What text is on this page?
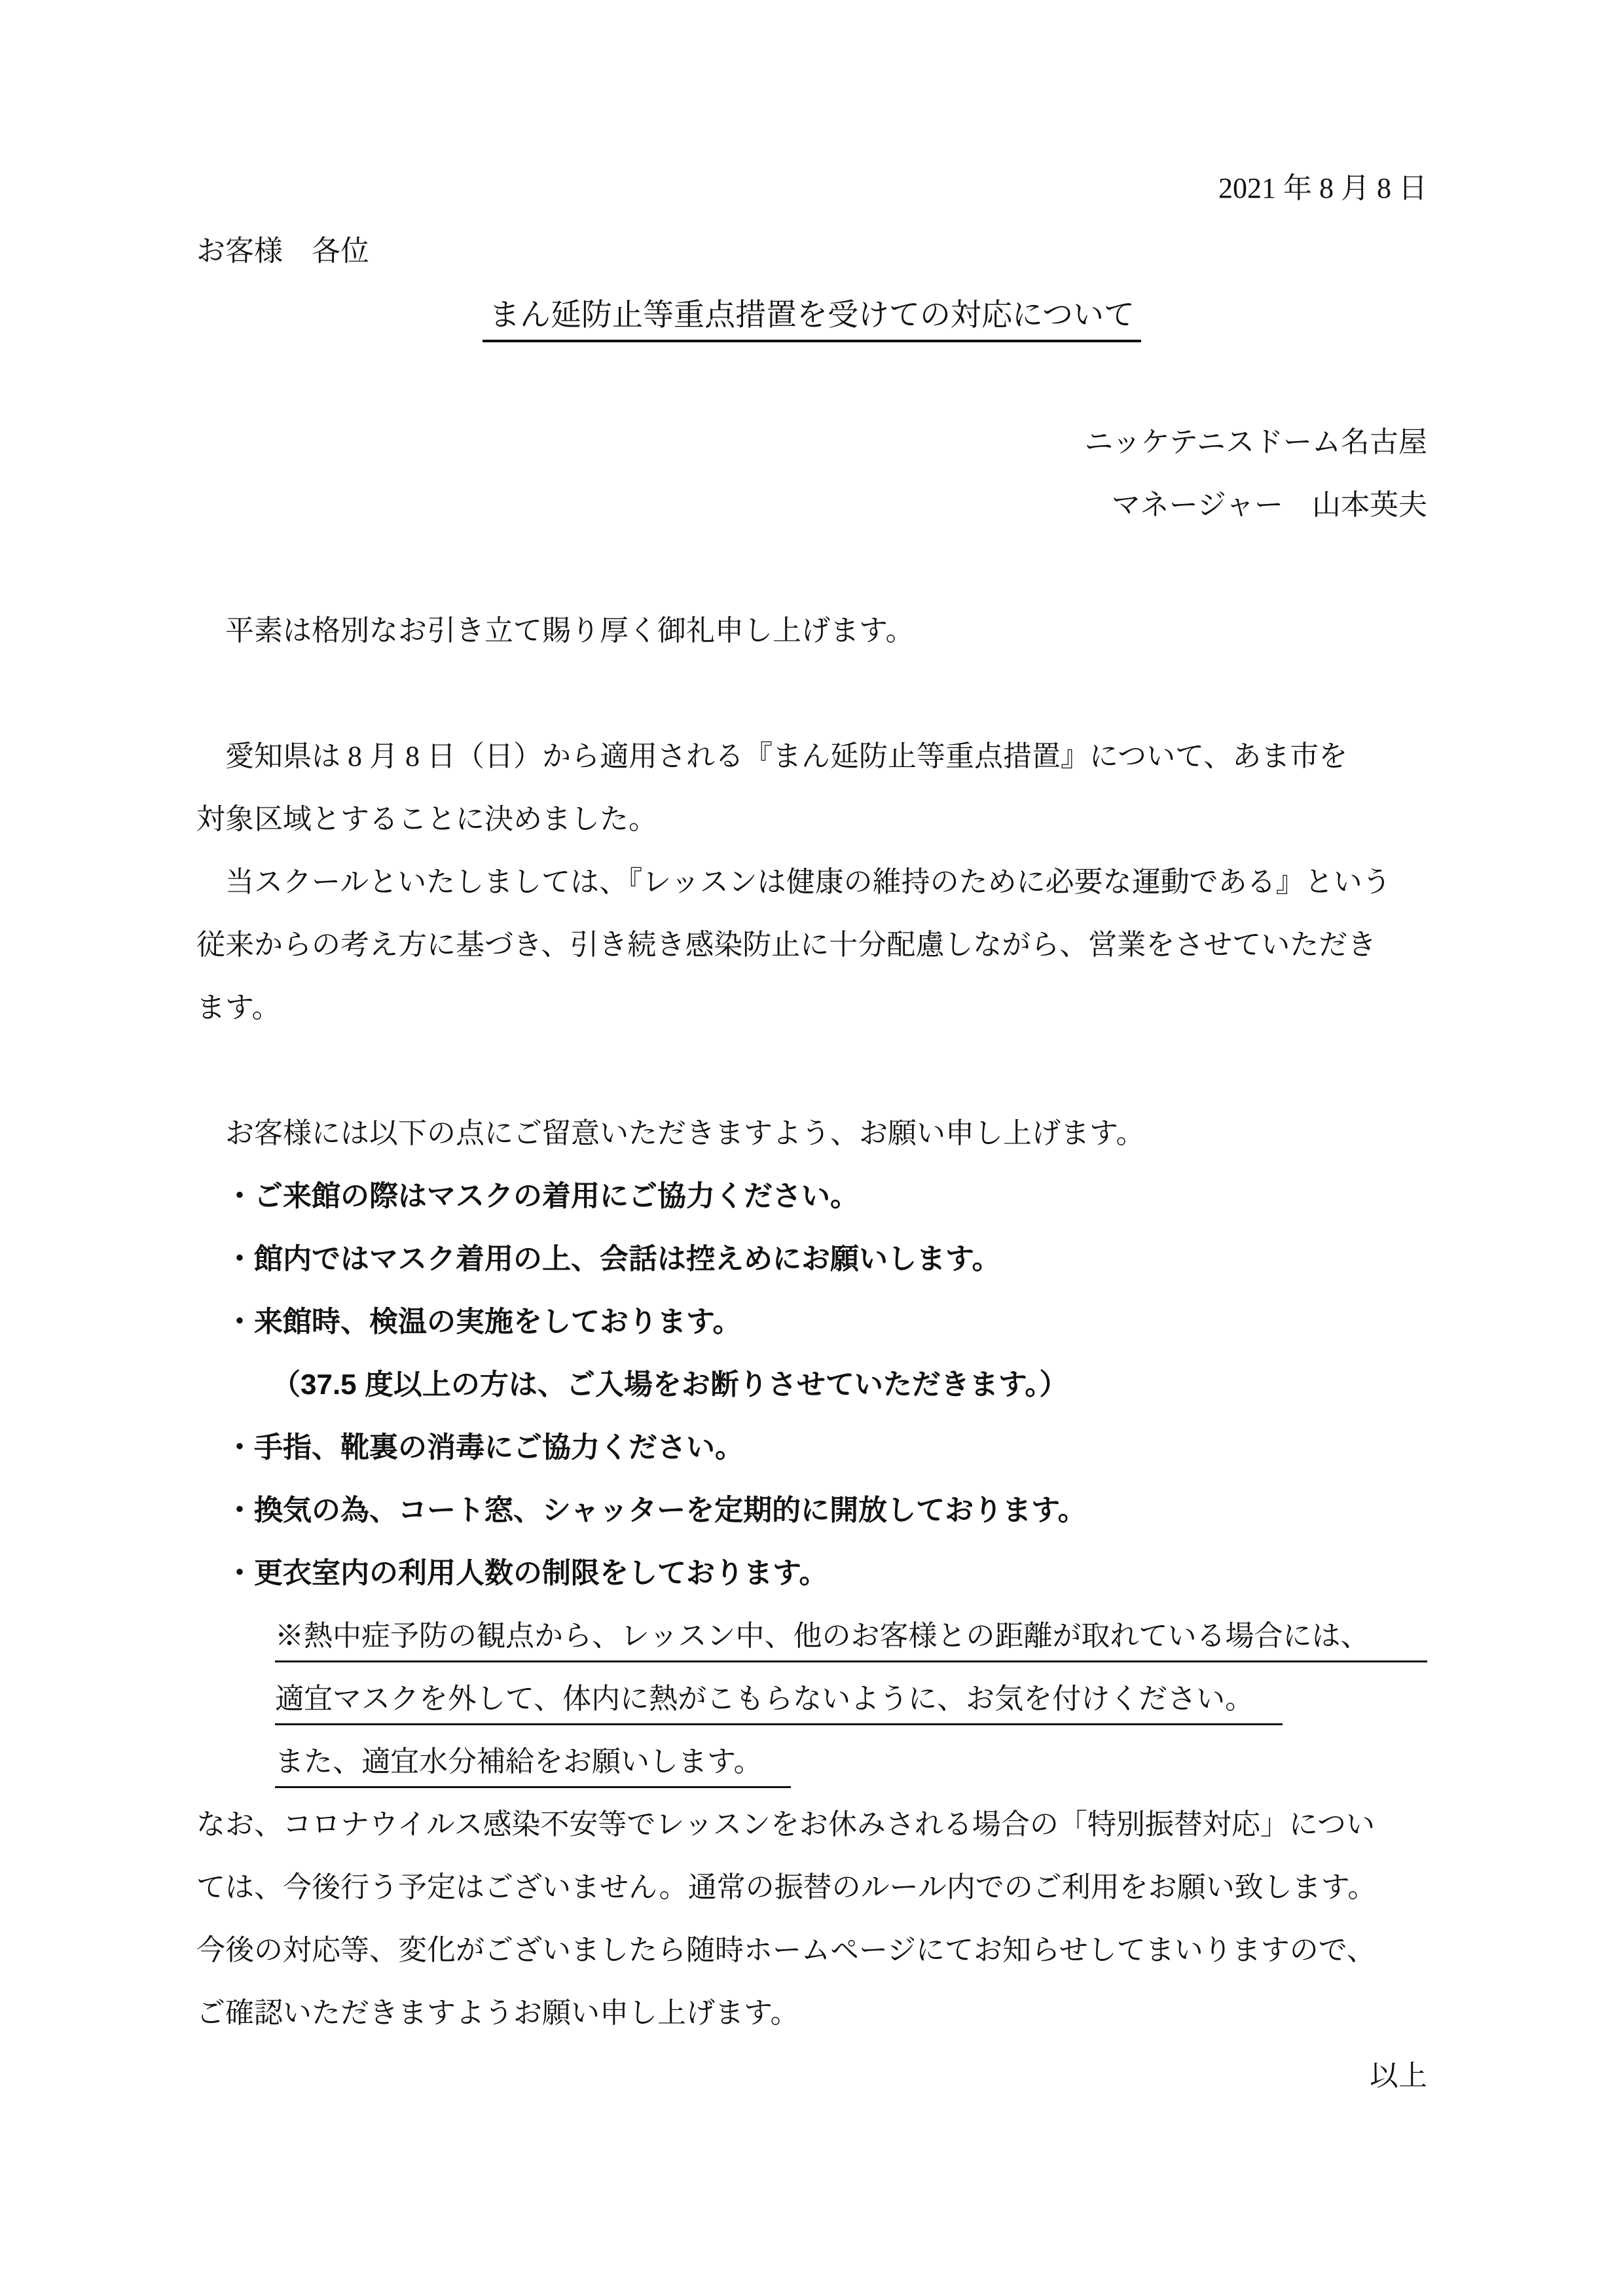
2021 年 8 月 8 日
お客様　各位
まん延防止等重点措置を受けての対応について
ニッケテニスドーム名古屋
マネージャー　山本英夫
平素は格別なお引き立て賜り厚く御礼申し上げます。
愛知県は 8 月 8 日（日）から適用される『まん延防止等重点措置』について、あま市を
対象区域とすることに決めました。
当スクールといたしましては、『レッスンは健康の維持のために必要な運動である』という
従来からの考え方に基づき、引き続き感染防止に十分配慮しながら、営業をさせていただき
ます。
お客様には以下の点にご留意いただきますよう、お願い申し上げます。
・ご来館の際はマスクの着用にご協力ください。
・館内ではマスク着用の上、会話は控えめにお願いします。
・来館時、検温の実施をしております。
（37.5 度以上の方は、ご入場をお断りさせていただきます。）
・手指、靴裏の消毒にご協力ください。
・換気の為、コート窓、シャッターを定期的に開放しております。
・更衣室内の利用人数の制限をしております。
※熱中症予防の観点から、レッスン中、他のお客様との距離が取れている場合には、
適宜マスクを外して、体内に熱がこもらないように、お気を付けください。
また、適宜水分補給をお願いします。
なお、コロナウイルス感染不安等でレッスンをお休みされる場合の「特別振替対応」につい
ては、今後行う予定はございません。通常の振替のルール内でのご利用をお願い致します。
今後の対応等、変化がございましたら随時ホームページにてお知らせしてまいりますので、
ご確認いただきますようお願い申し上げます。
以上
